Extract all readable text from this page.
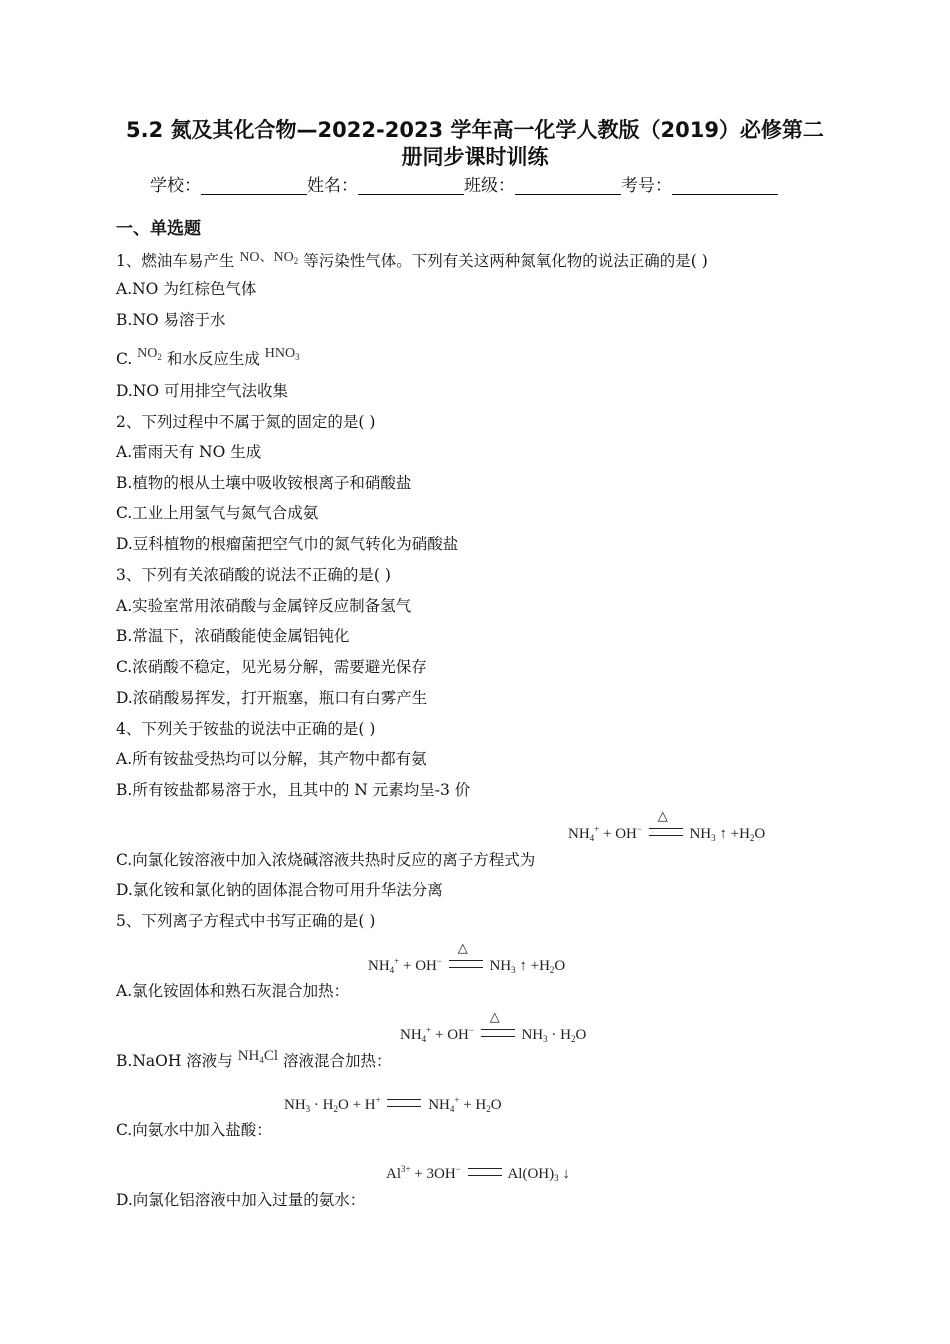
5.2 氮及其化合物—2022-2023 学年高一化学人教版（2019）必修第二
册同步课时训练
学校：	姓名：	班级：	考号：
一、单选题
1、燃油车易产生 NO、$NO_2$ 等污染性气体。下列有关这两种氮氧化物的说法正确的是( )
A.NO 为红棕色气体
B.NO 易溶于水
C. $NO_2$ 和水反应生成 $HNO_3$
D.NO 可用排空气法收集
2、下列过程中不属于氮的固定的是( )
A.雷雨天有 NO 生成
B.植物的根从土壤中吸收铵根离子和硝酸盐
C.工业上用氢气与氮气合成氨
D.豆科植物的根瘤菌把空气巾的氮气转化为硝酸盐
3、下列有关浓硝酸的说法不正确的是( )
A.实验室常用浓硝酸与金属锌反应制备氢气
B.常温下，浓硝酸能使金属铝钝化
C.浓硝酸不稳定，见光易分解，需要避光保存
D.浓硝酸易挥发，打开瓶塞，瓶口有白雾产生
4、下列关于铵盐的说法中正确的是( )
A.所有铵盐受热均可以分解，其产物中都有氨
B.所有铵盐都易溶于水，且其中的 N 元素均呈-3 价
$NH_4^+ + OH^-$
△
$NH_3$ ↑ $+H_2O$
C.向氯化铵溶液中加入浓烧碱溶液共热时反应的离子方程式为
D.氯化铵和氯化钠的固体混合物可用升华法分离
5、下列离子方程式中书写正确的是( )
$NH_4^+ + OH^-$
△
$NH_3$ ↑ $+H_2O$
A.氯化铵固体和熟石灰混合加热：
$NH_4^+ + OH^-$
△
$NH_3 \cdot H_2O$
B.NaOH 溶液与 $NH_4Cl$ 溶液混合加热：
$NH_3 \cdot H_2O + H^+$	$NH_4^+ + H_2O$
C.向氨水中加入盐酸：
$Al^{3+} + 3OH^-$	$Al(OH)_3$ ↓
D.向氯化铝溶液中加入过量的氨水：
